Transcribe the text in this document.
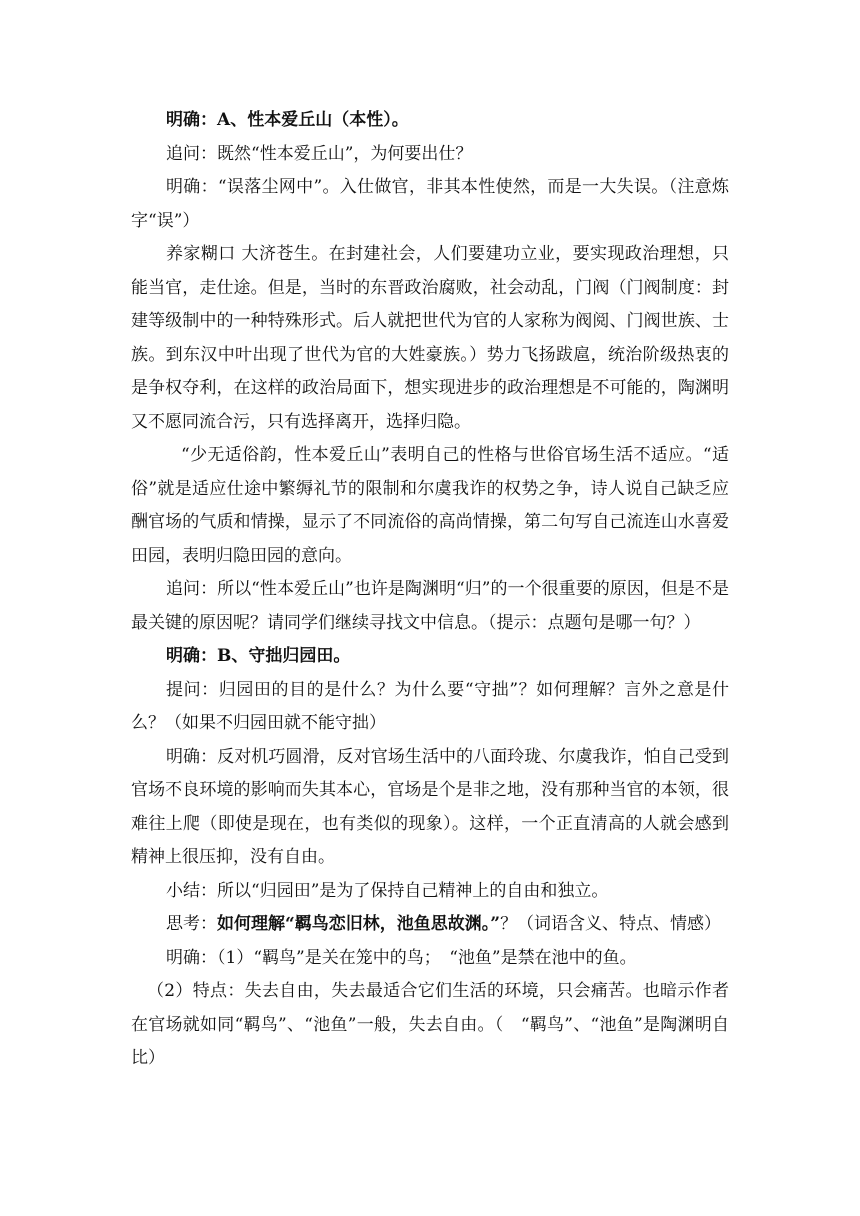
明确：A、性本爱丘山（本性）。

追问：既然“性本爱丘山”，为何要出仕？

明确：“误落尘网中”。入仕做官，非其本性使然，而是一大失误。（注意炼字“误”）

养家糊口 大济苍生。在封建社会，人们要建功立业，要实现政治理想，只能当官，走仕途。但是，当时的东晋政治腐败，社会动乱，门阀（门阀制度：封建等级制中的一种特殊形式。后人就把世代为官的人家称为阀阅、门阀世族、士族。到东汉中叶出现了世代为官的大姓豪族。）势力飞扬跋扈，统治阶级热衷的是争权夺利，在这样的政治局面下，想实现进步的政治理想是不可能的，陶渊明又不愿同流合污，只有选择离开，选择归隐。

“少无适俗韵，性本爱丘山”表明自己的性格与世俗官场生活不适应。“适俗”就是适应仕途中繁缛礼节的限制和尔虞我诈的权势之争，诗人说自己缺乏应酬官场的气质和情操，显示了不同流俗的高尚情操，第二句写自己流连山水喜爱田园，表明归隐田园的意向。

追问：所以“性本爱丘山”也许是陶渊明“归”的一个很重要的原因，但是不是最关键的原因呢？请同学们继续寻找文中信息。（提示：点题句是哪一句？）

明确：B、守拙归园田。

提问：归园田的目的是什么？为什么要“守拙”？如何理解？言外之意是什么？（如果不归园田就不能守拙）

明确：反对机巧圆滑，反对官场生活中的八面玲珑、尔虞我诈，怕自己受到官场不良环境的影响而失其本心，官场是个是非之地，没有那种当官的本领，很难往上爬（即使是现在，也有类似的现象）。这样，一个正直清高的人就会感到精神上很压抑，没有自由。

小结：所以“归园田”是为了保持自己精神上的自由和独立。

思考：如何理解“羁鸟恋旧林，池鱼思故渊。”？（词语含义、特点、情感）

明确：（1）“羁鸟”是关在笼中的鸟；　“池鱼”是禁在池中的鱼。

（2）特点：失去自由，失去最适合它们生活的环境，只会痛苦。也暗示作者在官场就如同“羁鸟”、“池鱼”一般，失去自由。（　“羁鸟”、“池鱼”是陶渊明自比）
